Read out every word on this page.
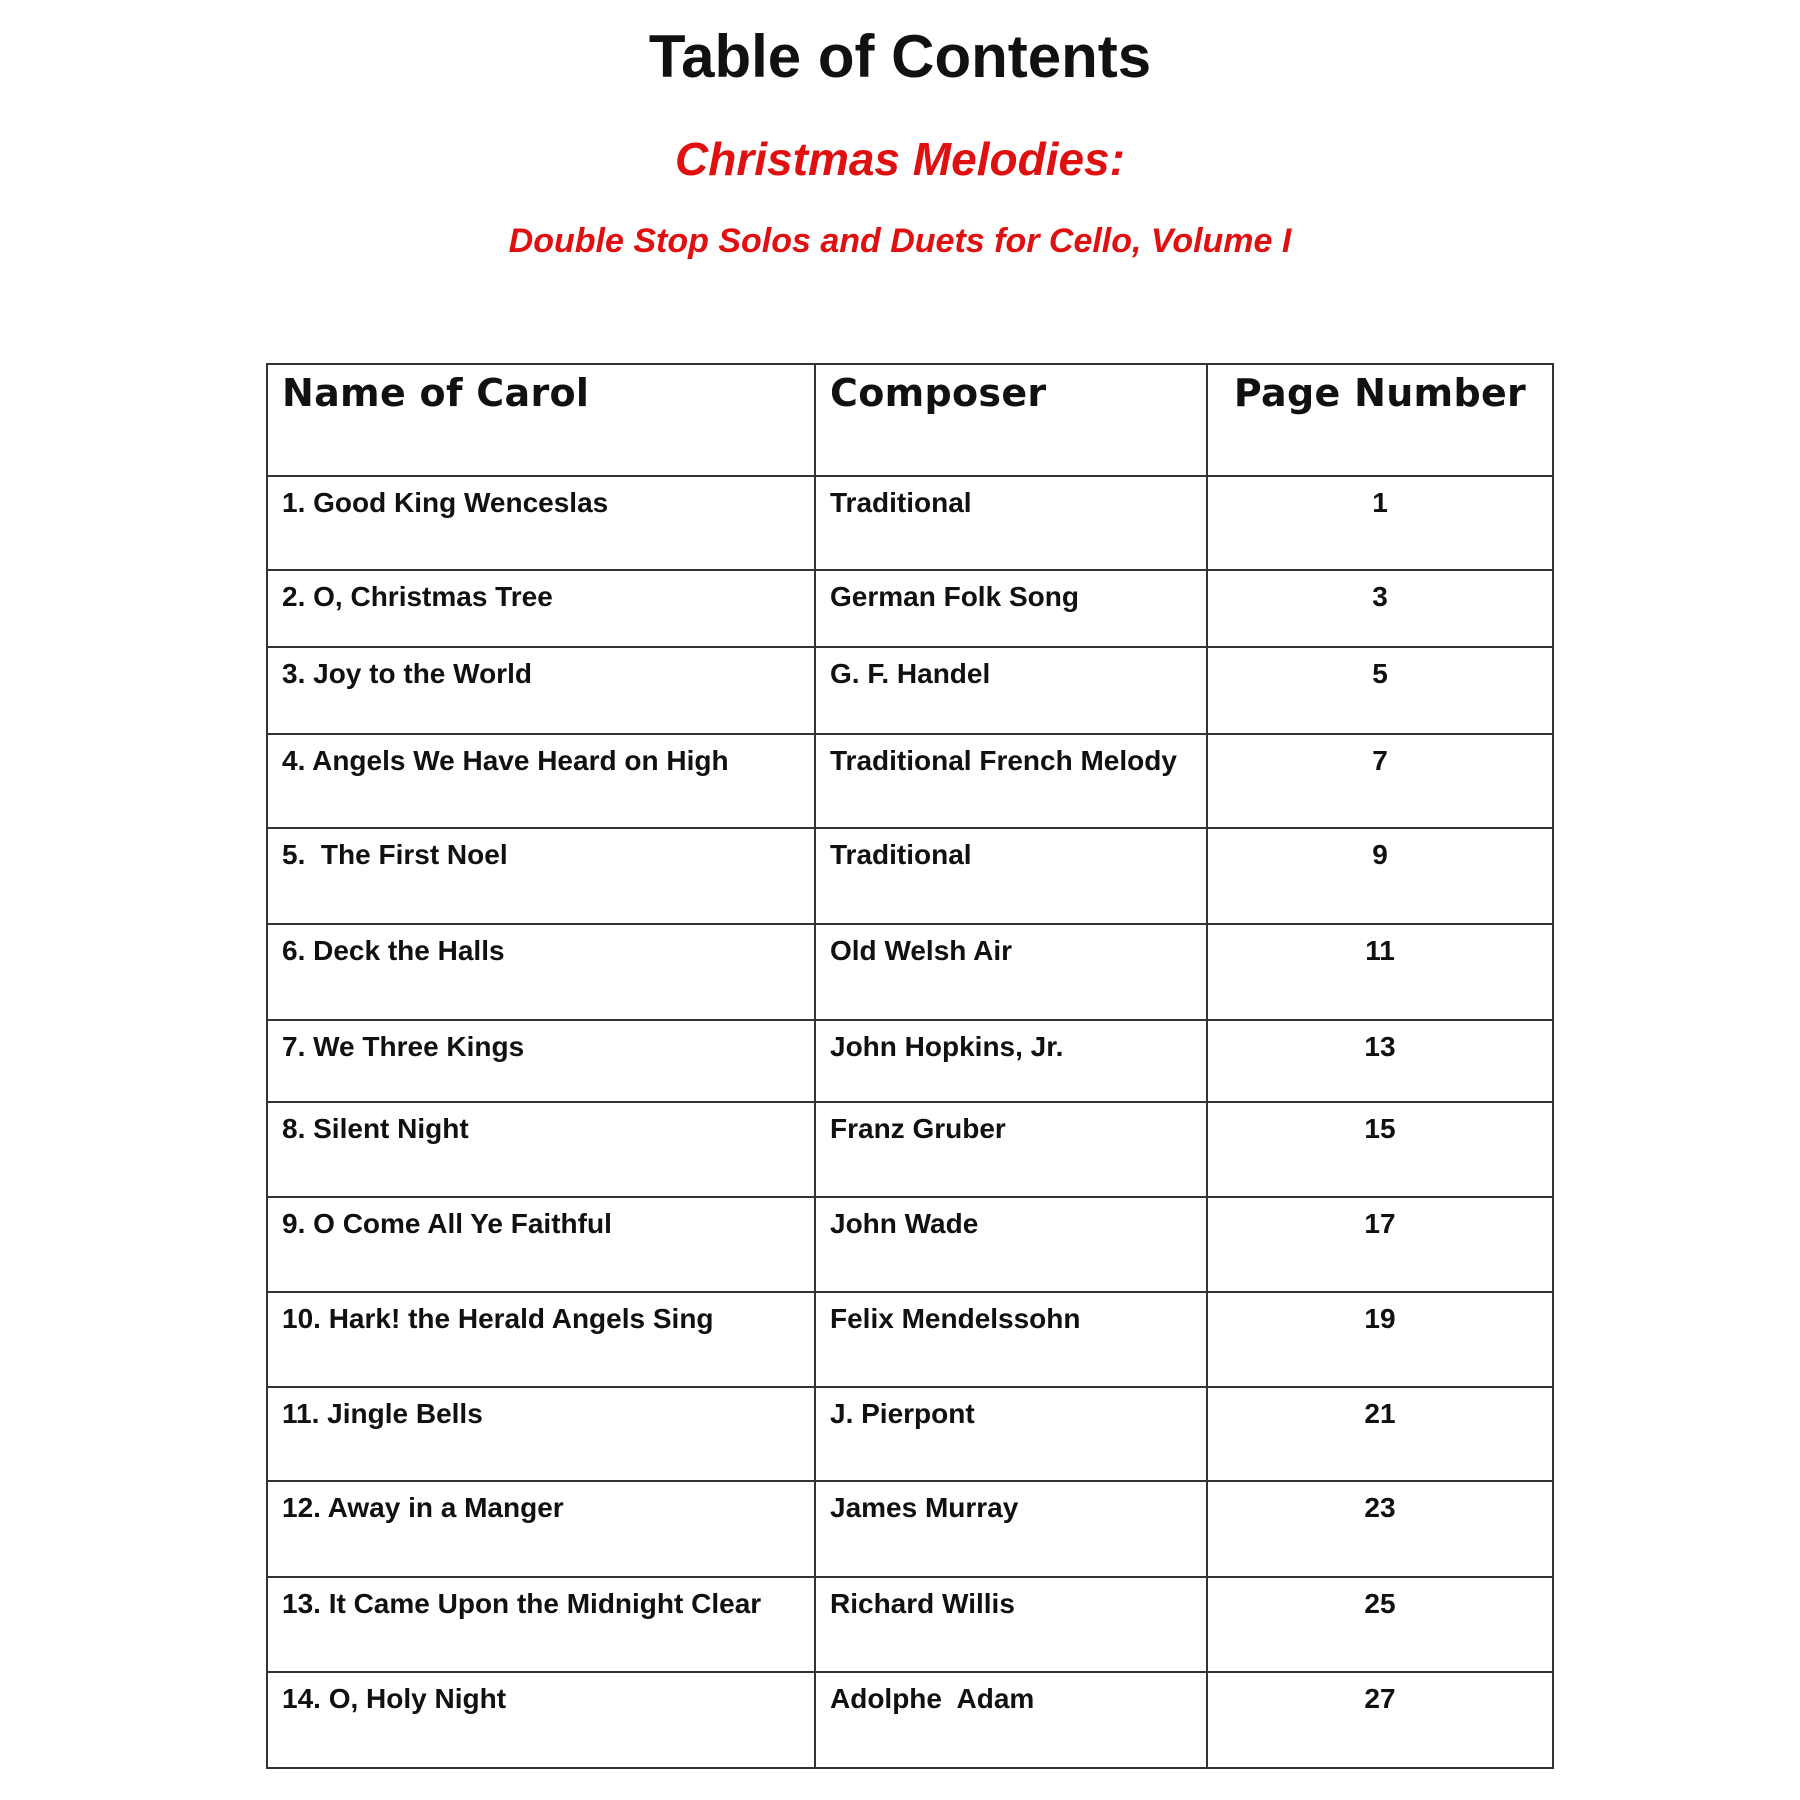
Table of Contents
Christmas Melodies:
Double Stop Solos and Duets for Cello, Volume I
Name of Carol	Composer	Page Number
1. Good King Wenceslas	Traditional	1
2. O, Christmas Tree	German Folk Song	3
3. Joy to the World	G. F. Handel	5
4. Angels We Have Heard on High	Traditional French Melody	7
5.  The First Noel	Traditional	9
6. Deck the Halls	Old Welsh Air	11
7. We Three Kings	John Hopkins, Jr.	13
8. Silent Night	Franz Gruber	15
9. O Come All Ye Faithful	John Wade	17
10. Hark! the Herald Angels Sing	Felix Mendelssohn	19
11. Jingle Bells	J. Pierpont	21
12. Away in a Manger	James Murray	23
13. It Came Upon the Midnight Clear	Richard Willis	25
14. O, Holy Night	Adolphe  Adam	27
